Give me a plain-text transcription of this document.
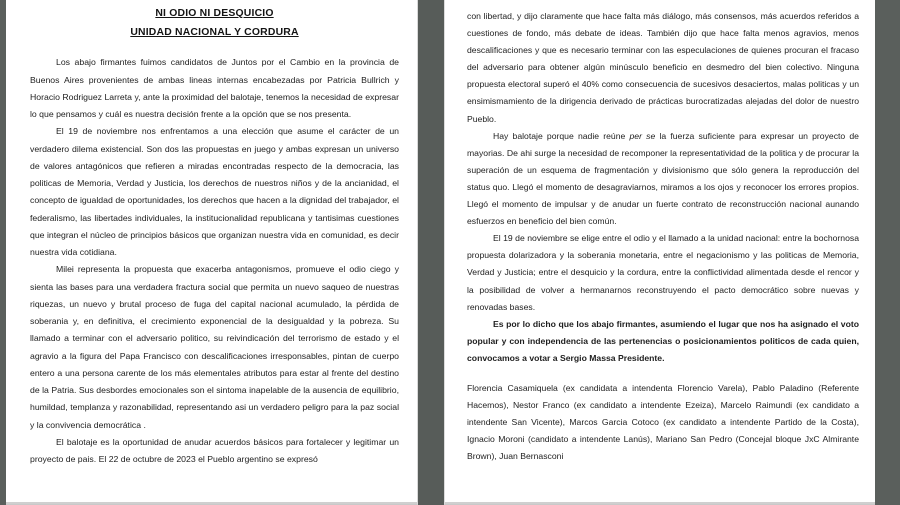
NI ODIO NI DESQUICIO
UNIDAD NACIONAL Y CORDURA

Los abajo firmantes fuimos candidatos de Juntos por el Cambio en la provincia de Buenos Aires provenientes de ambas lineas internas encabezadas por Patricia Bullrich y Horacio Rodriguez Larreta y, ante la proximidad del balotaje, tenemos la necesidad de expresar lo que pensamos y cuál es nuestra decisión frente a la opción que se nos presenta.

El 19 de noviembre nos enfrentamos a una elección que asume el carácter de un verdadero dilema existencial. Son dos las propuestas en juego y ambas expresan un universo de valores antagónicos que refieren a miradas encontradas respecto de la democracia, las politicas de Memoria, Verdad y Justicia, los derechos de nuestros niños y de la ancianidad, el concepto de igualdad de oportunidades, los derechos que hacen a la dignidad del trabajador, el federalismo, las libertades individuales, la institucionalidad republicana y tantisimas cuestiones que integran el núcleo de principios básicos que organizan nuestra vida en comunidad, es decir nuestra vida cotidiana.

Milei representa la propuesta que exacerba antagonismos, promueve el odio ciego y sienta las bases para una verdadera fractura social que permita un nuevo saqueo de nuestras riquezas, un nuevo y brutal proceso de fuga del capital nacional acumulado, la pérdida de soberania y, en definitiva, el crecimiento exponencial de la desigualdad y la pobreza. Su llamado a terminar con el adversario politico, su reivindicación del terrorismo de estado y el agravio a la figura del Papa Francisco con descalificaciones irresponsables, pintan de cuerpo entero a una persona carente de los más elementales atributos para estar al frente del destino de la Patria. Sus desbordes emocionales son el sintoma inapelable de la ausencia de equilibrio, humildad, templanza y razonabilidad, representando asi un verdadero peligro para la paz social y la convivencia democrática .

El balotaje es la oportunidad de anudar acuerdos básicos para fortalecer y legitimar un proyecto de pais. El 22 de octubre de 2023 el Pueblo argentino se expresó

con libertad, y dijo claramente que hace falta más diálogo, más consensos, más acuerdos referidos a cuestiones de fondo, más debate de ideas. También dijo que hace falta menos agravios, menos descalificaciones y que es necesario terminar con las especulaciones de quienes procuran el fracaso del adversario para obtener algún minúsculo beneficio en desmedro del bien colectivo. Ninguna propuesta electoral superó el 40% como consecuencia de sucesivos desaciertos, malas politicas y un ensimismamiento de la dirigencia derivado de prácticas burocratizadas alejadas del dolor de nuestro Pueblo.

Hay balotaje porque nadie reúne per se la fuerza suficiente para expresar un proyecto de mayorias. De ahi surge la necesidad de recomponer la representatividad de la politica y de procurar la superación de un esquema de fragmentación y divisionismo que sólo genera la reproducción del status quo. Llegó el momento de desagraviarnos, miramos a los ojos y reconocer los errores propios. Llegó el momento de impulsar y de anudar un fuerte contrato de reconstrucción nacional aunando esfuerzos en beneficio del bien común.

El 19 de noviembre se elige entre el odio y el llamado a la unidad nacional: entre la bochornosa propuesta dolarizadora y la soberania monetaria, entre el negacionismo y las politicas de Memoria, Verdad y Justicia; entre el desquicio y la cordura, entre la conflictividad alimentada desde el rencor y la posibilidad de volver a hermanarnos reconstruyendo el pacto democrático sobre nuevas y renovadas bases.

Es por lo dicho que los abajo firmantes, asumiendo el lugar que nos ha asignado el voto popular y con independencia de las pertenencias o posicionamientos politicos de cada quien, convocamos a votar a Sergio Massa Presidente.

Florencia Casamiquela (ex candidata a intendenta Florencio Varela), Pablo Paladino (Referente Hacemos), Nestor Franco (ex candidato a intendente Ezeiza), Marcelo Raimundi (ex candidato a intendente San Vicente), Marcos Garcia Cotoco (ex candidato a intendente Partido de la Costa), Ignacio Moroni (candidato a intendente Lanús), Mariano San Pedro (Concejal bloque JxC Almirante Brown), Juan Bernasconi
